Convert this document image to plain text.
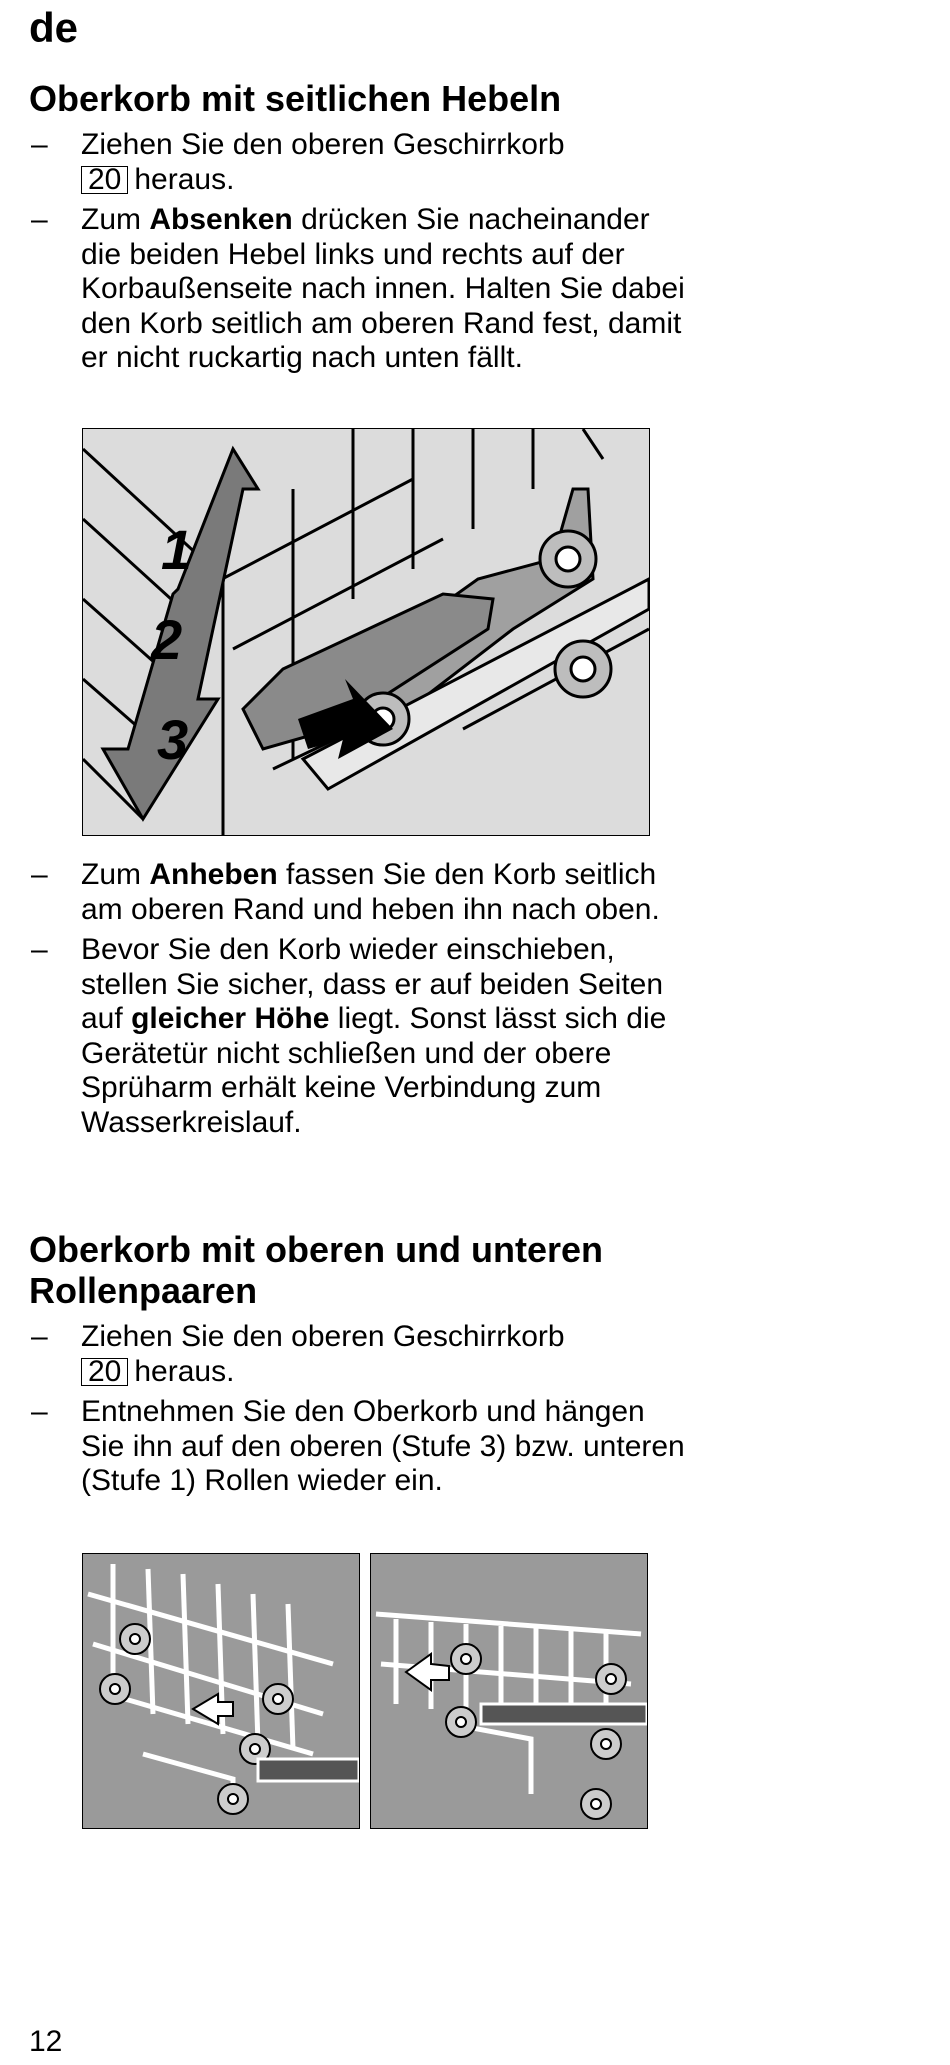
de
Oberkorb mit seitlichen Hebeln
– Ziehen Sie den oberen Geschirrkorb
20 heraus.
– Zum Absenken drücken Sie nacheinander die beiden Hebel links und rechts auf der Korbaußenseite nach innen. Halten Sie dabei den Korb seitlich am oberen Rand fest, damit er nicht ruckartig nach unten fällt.
1
2
3
– Zum Anheben fassen Sie den Korb seitlich am oberen Rand und heben ihn nach oben.
– Bevor Sie den Korb wieder einschieben, stellen Sie sicher, dass er auf beiden Seiten auf gleicher Höhe liegt. Sonst lässt sich die Gerätetür nicht schließen und der obere Sprüharm erhält keine Verbindung zum Wasserkreislauf.
Oberkorb mit oberen und unteren Rollenpaaren
– Ziehen Sie den oberen Geschirrkorb
20 heraus.
– Entnehmen Sie den Oberkorb und hängen Sie ihn auf den oberen (Stufe 3) bzw. unteren (Stufe 1) Rollen wieder ein.
12
